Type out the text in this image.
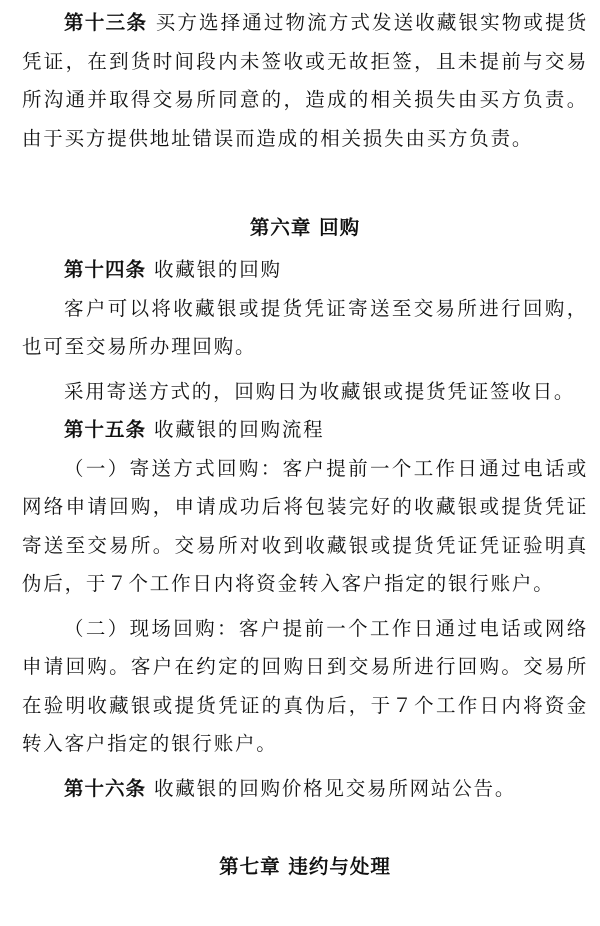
第十三条 买方选择通过物流方式发送收藏银实物或提货凭证，在到货时间段内未签收或无故拒签，且未提前与交易所沟通并取得交易所同意的，造成的相关损失由买方负责。由于买方提供地址错误而造成的相关损失由买方负责。

第六章 回购

第十四条 收藏银的回购

客户可以将收藏银或提货凭证寄送至交易所进行回购，也可至交易所办理回购。

采用寄送方式的，回购日为收藏银或提货凭证签收日。

第十五条 收藏银的回购流程

（一）寄送方式回购：客户提前一个工作日通过电话或网络申请回购，申请成功后将包装完好的收藏银或提货凭证寄送至交易所。交易所对收到收藏银或提货凭证凭证验明真伪后，于７个工作日内将资金转入客户指定的银行账户。

（二）现场回购：客户提前一个工作日通过电话或网络申请回购。客户在约定的回购日到交易所进行回购。交易所在验明收藏银或提货凭证的真伪后，于７个工作日内将资金转入客户指定的银行账户。

第十六条 收藏银的回购价格见交易所网站公告。

第七章 违约与处理
